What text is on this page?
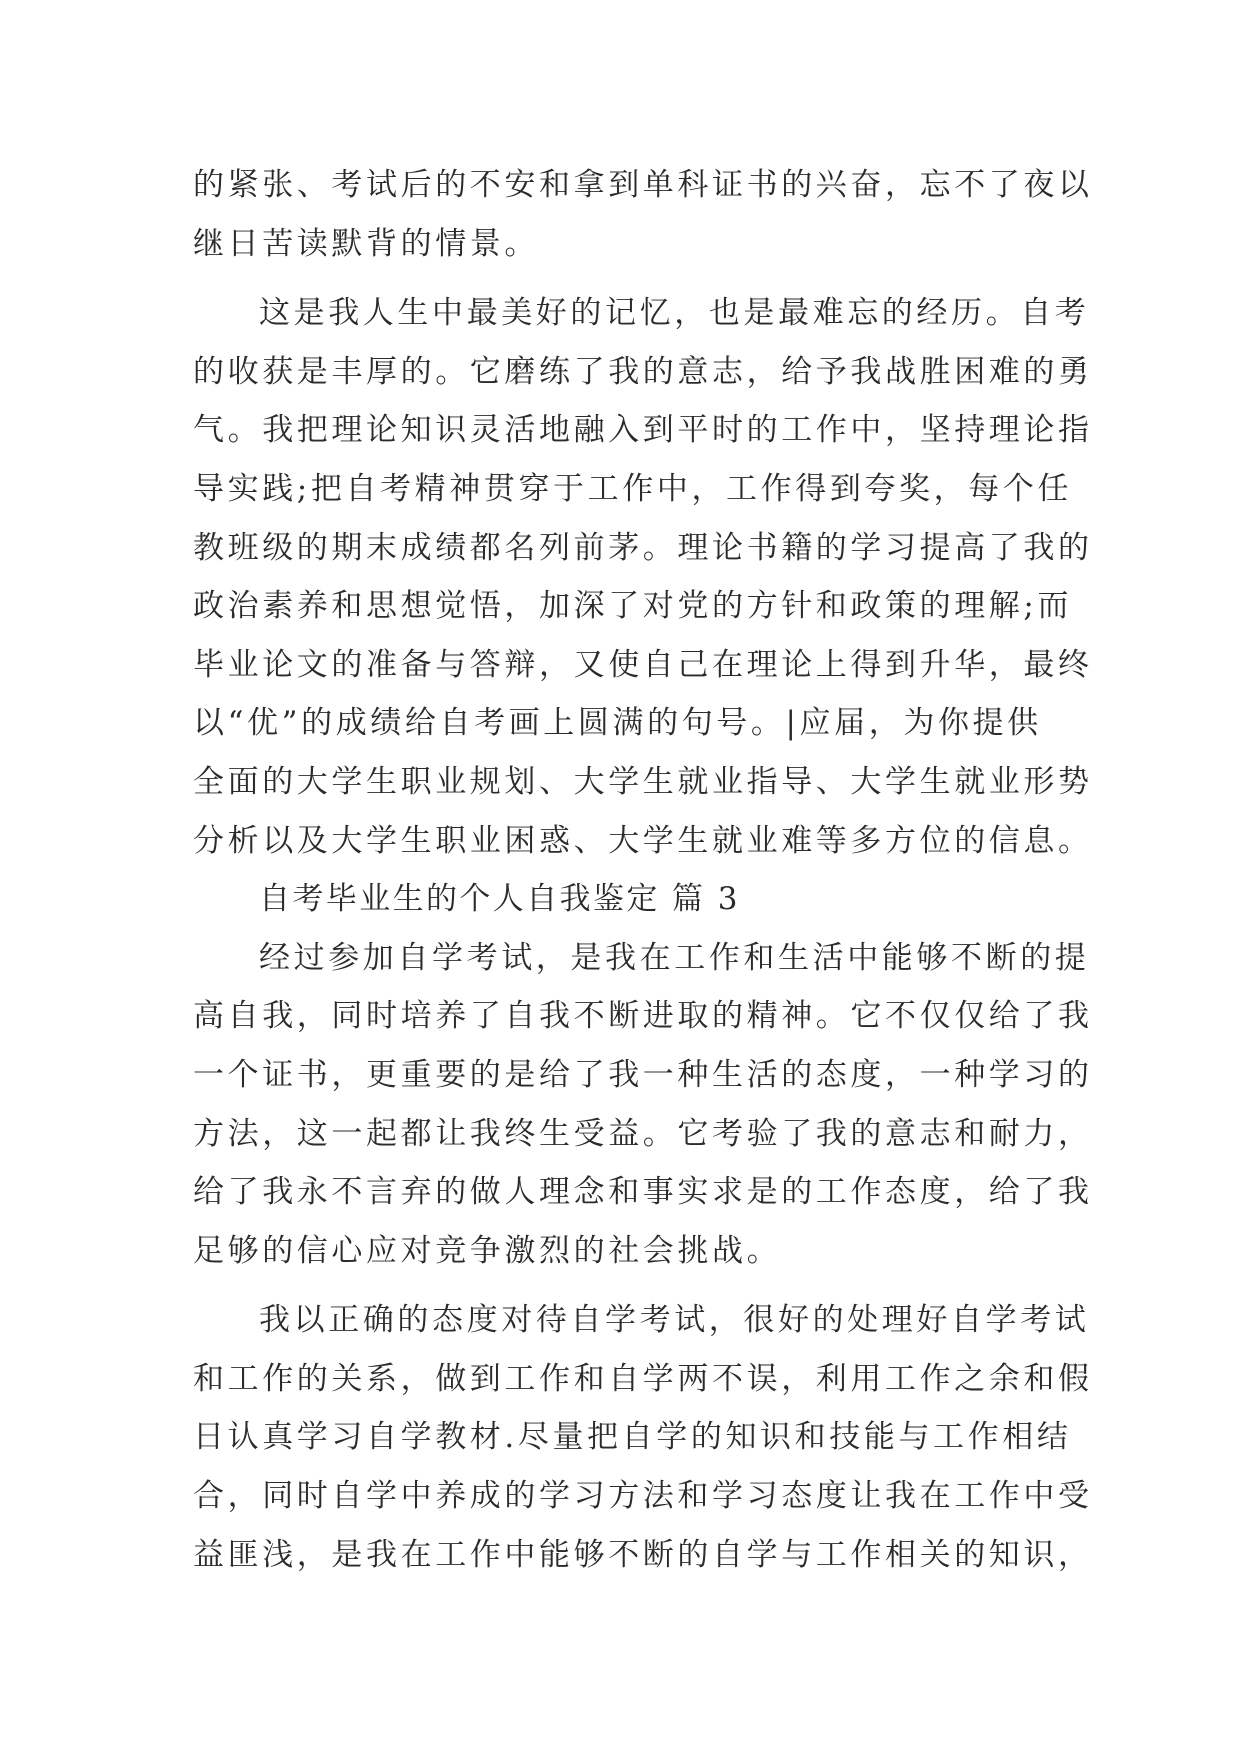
的紧张、考试后的不安和拿到单科证书的兴奋，忘不了夜以
继日苦读默背的情景。
这是我人生中最美好的记忆，也是最难忘的经历。自考
的收获是丰厚的。它磨练了我的意志，给予我战胜困难的勇
气。我把理论知识灵活地融入到平时的工作中，坚持理论指
导实践;把自考精神贯穿于工作中，工作得到夸奖，每个任
教班级的期末成绩都名列前茅。理论书籍的学习提高了我的
政治素养和思想觉悟，加深了对党的方针和政策的理解;而
毕业论文的准备与答辩，又使自己在理论上得到升华，最终
以“优”的成绩给自考画上圆满的句号。|应届，为你提供
全面的大学生职业规划、大学生就业指导、大学生就业形势
分析以及大学生职业困惑、大学生就业难等多方位的信息。
自考毕业生的个人自我鉴定 篇 3
经过参加自学考试，是我在工作和生活中能够不断的提
高自我，同时培养了自我不断进取的精神。它不仅仅给了我
一个证书，更重要的是给了我一种生活的态度，一种学习的
方法，这一起都让我终生受益。它考验了我的意志和耐力，
给了我永不言弃的做人理念和事实求是的工作态度，给了我
足够的信心应对竞争激烈的社会挑战。
我以正确的态度对待自学考试，很好的处理好自学考试
和工作的关系，做到工作和自学两不误，利用工作之余和假
日认真学习自学教材.尽量把自学的知识和技能与工作相结
合，同时自学中养成的学习方法和学习态度让我在工作中受
益匪浅，是我在工作中能够不断的自学与工作相关的知识，
